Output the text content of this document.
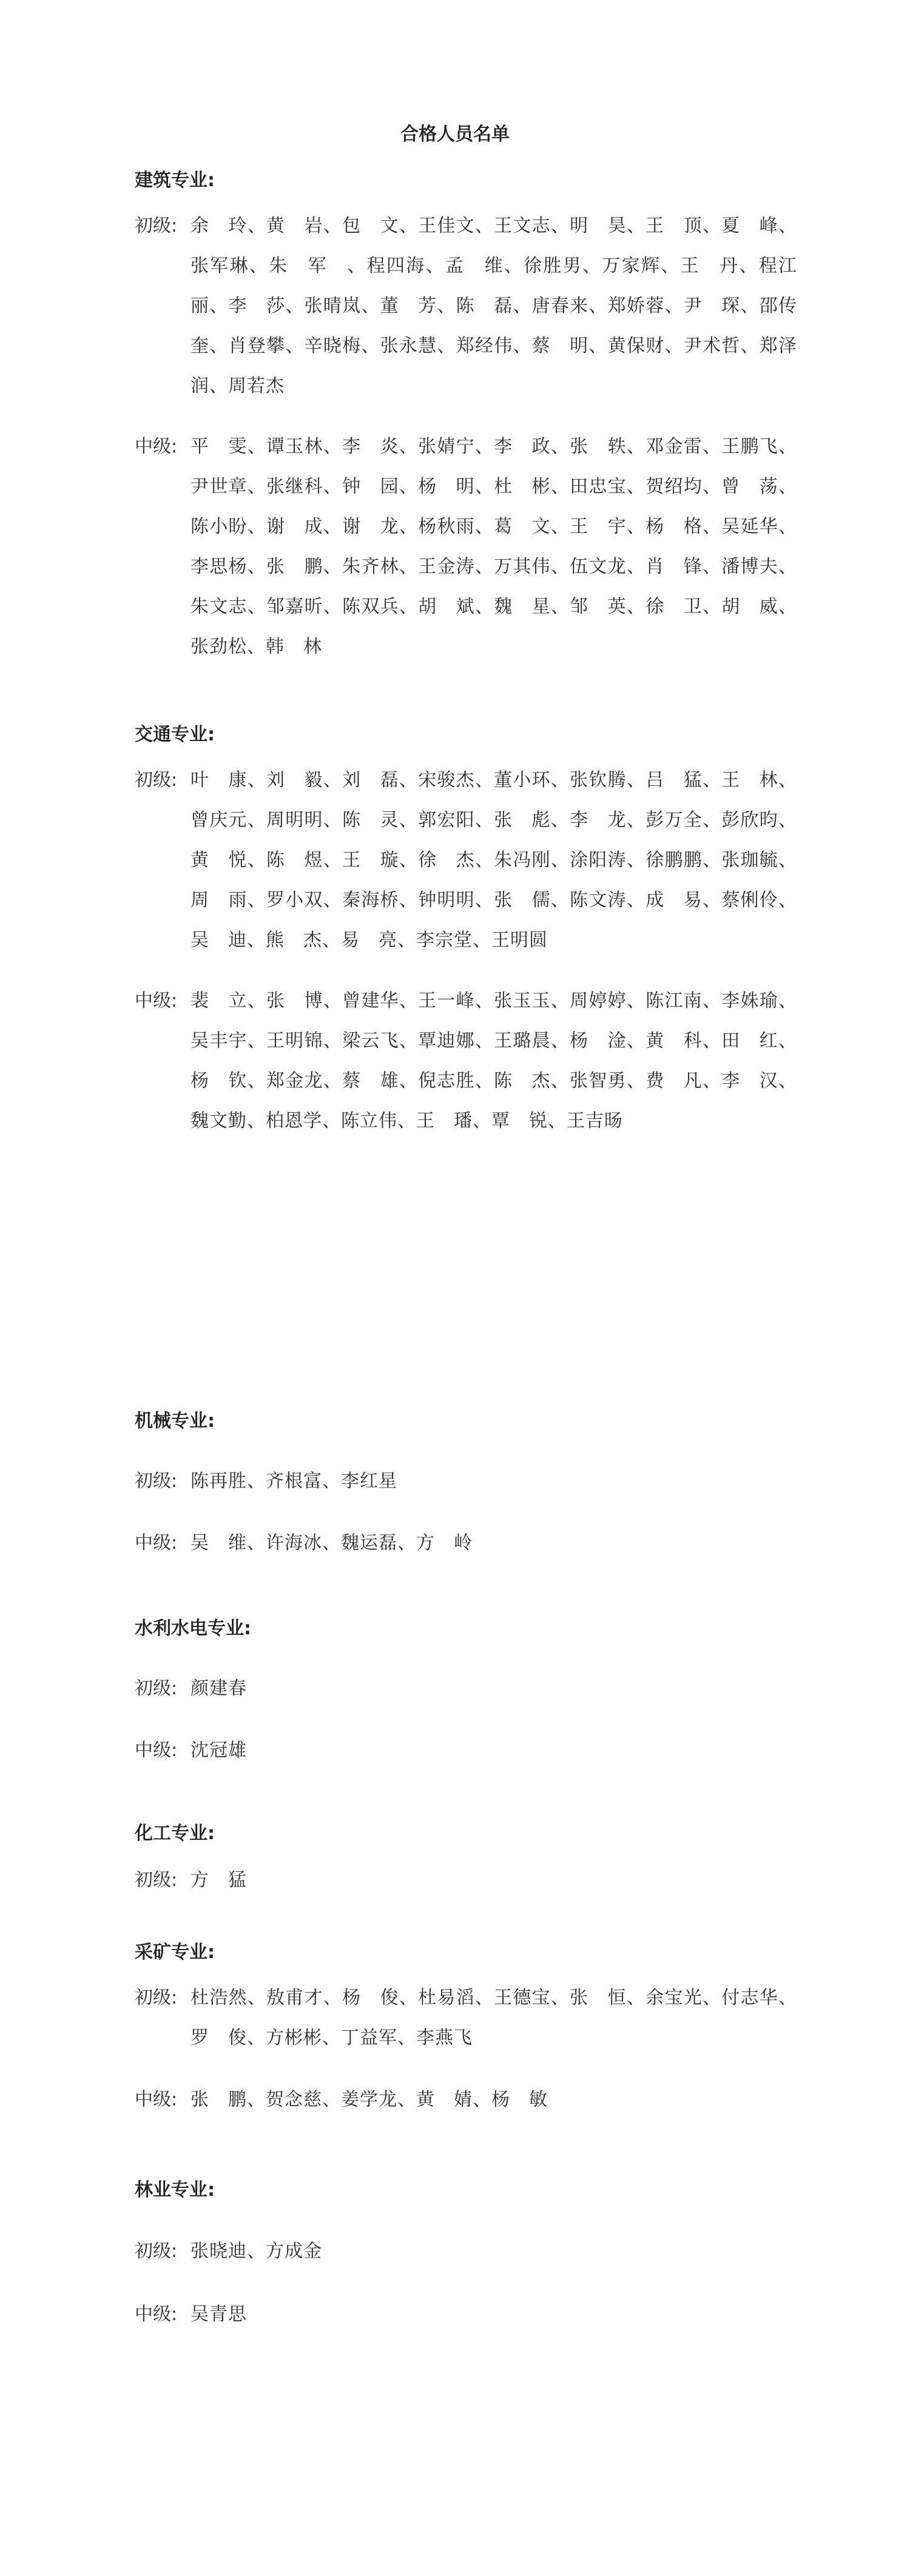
合格人员名单
建筑专业:
初级: 余　玲、黄　岩、包　文、王佳文、王文志、明　昊、王　顶、夏　峰、张军琳、朱　军　、程四海、孟　维、徐胜男、万家辉、王　丹、程江丽、李　莎、张晴岚、董　芳、陈　磊、唐春来、郑娇蓉、尹　琛、邵传奎、肖登攀、辛晓梅、张永慧、郑经伟、蔡　明、黄保财、尹术哲、郑泽润、周若杰
中级: 平　雯、谭玉林、李　炎、张婧宁、李　政、张　轶、邓金雷、王鹏飞、尹世章、张继科、钟　园、杨　明、杜　彬、田忠宝、贺绍均、曾　荡、陈小盼、谢　成、谢　龙、杨秋雨、葛　文、王　宇、杨　格、吴延华、李思杨、张　鹏、朱齐林、王金涛、万其伟、伍文龙、肖　锋、潘博夫、朱文志、邹嘉昕、陈双兵、胡　斌、魏　星、邹　英、徐　卫、胡　威、张劲松、韩　林
交通专业:
初级: 叶　康、刘　毅、刘　磊、宋骏杰、董小环、张钦腾、吕　猛、王　林、曾庆元、周明明、陈　灵、郭宏阳、张　彪、李　龙、彭万全、彭欣昀、黄　悦、陈　煜、王　璇、徐　杰、朱冯刚、涂阳涛、徐鹏鹏、张珈毓、周　雨、罗小双、秦海桥、钟明明、张　儒、陈文涛、成　易、蔡俐伶、吴　迪、熊　杰、易　亮、李宗堂、王明圆
中级: 裴　立、张　博、曾建华、王一峰、张玉玉、周婷婷、陈江南、李姝瑜、吴丰宇、王明锦、梁云飞、覃迪娜、王璐晨、杨　淦、黄　科、田　红、杨　钦、郑金龙、蔡　雄、倪志胜、陈　杰、张智勇、费　凡、李　汉、魏文勤、柏恩学、陈立伟、王　璠、覃　锐、王吉旸
机械专业:
初级: 陈再胜、齐根富、李红星
中级: 吴　维、许海冰、魏运磊、方　岭
水利水电专业:
初级: 颜建春
中级: 沈冠雄
化工专业:
初级: 方　猛
采矿专业:
初级: 杜浩然、敖甫才、杨　俊、杜易滔、王德宝、张　恒、余宝光、付志华、罗　俊、方彬彬、丁益军、李燕飞
中级: 张　鹏、贺念慈、姜学龙、黄　婧、杨　敏
林业专业:
初级: 张晓迪、方成金
中级: 吴青思
